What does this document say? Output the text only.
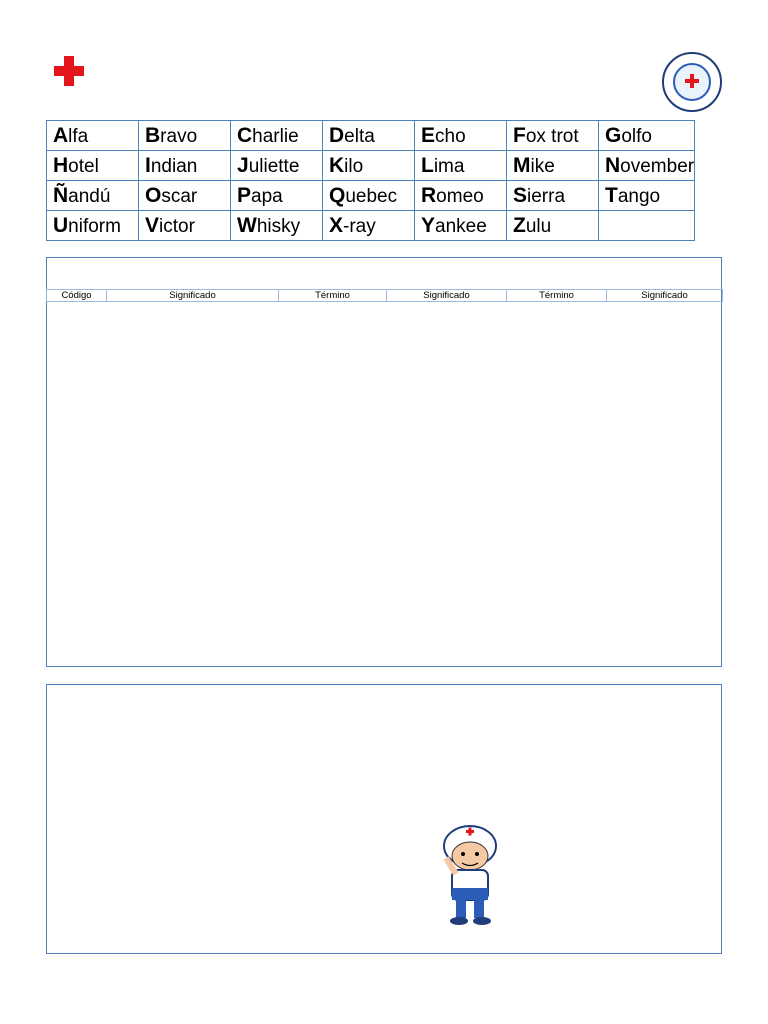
Alfa	Bravo	Charlie	Delta	Echo	Fox trot	Golfo
Hotel	Indian	Juliette	Kilo	Lima	Mike	November
Ñandú	Oscar	Papa	Quebec	Romeo	Sierra	Tango
Uniform	Victor	Whisky	X-ray	Yankee	Zulu	
Código	Significado	Término	Significado	Término	Significado
